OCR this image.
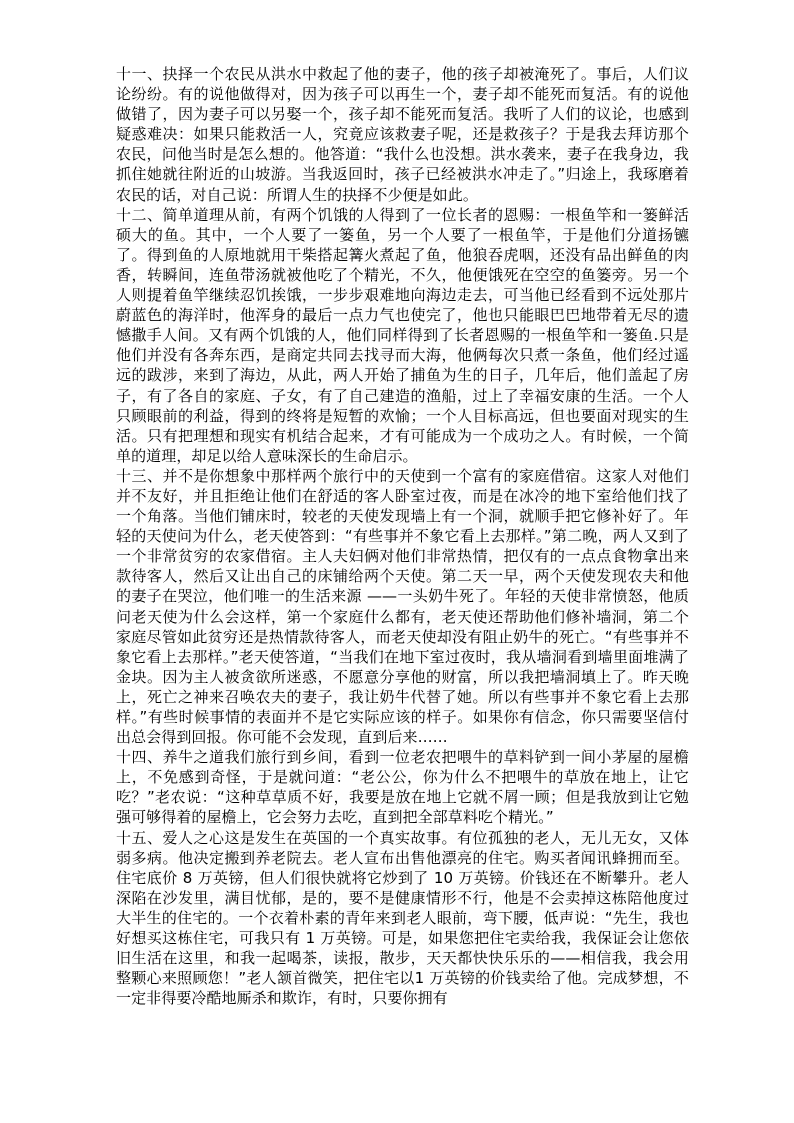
十一、抉择一个农民从洪水中救起了他的妻子，他的孩子却被淹死了。事后，人们议论纷纷。有的说他做得对，因为孩子可以再生一个，妻子却不能死而复活。有的说他做错了，因为妻子可以另娶一个，孩子却不能死而复活。我听了人们的议论，也感到疑惑难决：如果只能救活一人，究竟应该救妻子呢，还是救孩子？于是我去拜访那个农民，问他当时是怎么想的。他答道：“我什么也没想。洪水袭来，妻子在我身边，我抓住她就往附近的山坡游。当我返回时，孩子已经被洪水冲走了。”归途上，我琢磨着农民的话，对自己说：所谓人生的抉择不少便是如此。

十二、简单道理从前，有两个饥饿的人得到了一位长者的恩赐：一根鱼竿和一篓鲜活硕大的鱼。其中，一个人要了一篓鱼，另一个人要了一根鱼竿，于是他们分道扬镳了。得到鱼的人原地就用干柴搭起篝火煮起了鱼，他狼吞虎咽，还没有品出鲜鱼的肉香，转瞬间，连鱼带汤就被他吃了个精光，不久，他便饿死在空空的鱼篓旁。另一个人则提着鱼竿继续忍饥挨饿，一步步艰难地向海边走去，可当他已经看到不远处那片蔚蓝色的海洋时，他浑身的最后一点力气也使完了，他也只能眼巴巴地带着无尽的遗憾撒手人间。又有两个饥饿的人，他们同样得到了长者恩赐的一根鱼竿和一篓鱼.只是他们并没有各奔东西，是商定共同去找寻而大海，他俩每次只煮一条鱼，他们经过遥远的跋涉，来到了海边，从此，两人开始了捕鱼为生的日子，几年后，他们盖起了房子，有了各自的家庭、子女，有了自己建造的渔船，过上了幸福安康的生活。一个人只顾眼前的利益，得到的终将是短暂的欢愉；一个人目标高远，但也要面对现实的生活。只有把理想和现实有机结合起来，才有可能成为一个成功之人。有时候，一个简单的道理，却足以给人意味深长的生命启示。

十三、并不是你想象中那样两个旅行中的天使到一个富有的家庭借宿。这家人对他们并不友好，并且拒绝让他们在舒适的客人卧室过夜，而是在冰冷的地下室给他们找了一个角落。当他们铺床时，较老的天使发现墙上有一个洞，就顺手把它修补好了。年轻的天使问为什么，老天使答到：“有些事并不象它看上去那样。”第二晚，两人又到了一个非常贫穷的农家借宿。主人夫妇俩对他们非常热情，把仅有的一点点食物拿出来款待客人，然后又让出自己的床铺给两个天使。第二天一早，两个天使发现农夫和他的妻子在哭泣，他们唯一的生活来源 ——一头奶牛死了。年轻的天使非常愤怒，他质问老天使为什么会这样，第一个家庭什么都有，老天使还帮助他们修补墙洞，第二个家庭尽管如此贫穷还是热情款待客人，而老天使却没有阻止奶牛的死亡。“有些事并不象它看上去那样。”老天使答道，“当我们在地下室过夜时，我从墙洞看到墙里面堆满了金块。因为主人被贪欲所迷惑，不愿意分享他的财富，所以我把墙洞填上了。昨天晚上，死亡之神来召唤农夫的妻子，我让奶牛代替了她。所以有些事并不象它看上去那样。”有些时候事情的表面并不是它实际应该的样子。如果你有信念，你只需要坚信付出总会得到回报。你可能不会发现，直到后来……

十四、养牛之道我们旅行到乡间，看到一位老农把喂牛的草料铲到一间小茅屋的屋檐上，不免感到奇怪，于是就问道：“老公公，你为什么不把喂牛的草放在地上，让它吃？”老农说：“这种草草质不好，我要是放在地上它就不屑一顾；但是我放到让它勉强可够得着的屋檐上，它会努力去吃，直到把全部草料吃个精光。”

十五、爱人之心这是发生在英国的一个真实故事。有位孤独的老人，无儿无女，又体弱多病。他决定搬到养老院去。老人宣布出售他漂亮的住宅。购买者闻讯蜂拥而至。住宅底价 8 万英镑，但人们很快就将它炒到了 10 万英镑。价钱还在不断攀升。老人深陷在沙发里，满目忧郁，是的，要不是健康情形不行，他是不会卖掉这栋陪他度过大半生的住宅的。一个衣着朴素的青年来到老人眼前，弯下腰，低声说：“先生，我也好想买这栋住宅，可我只有 1 万英镑。可是，如果您把住宅卖给我，我保证会让您依旧生活在这里，和我一起喝茶，读报，散步，天天都快快乐乐的——相信我，我会用整颗心来照顾您！”老人颔首微笑，把住宅以1 万英镑的价钱卖给了他。完成梦想，不一定非得要冷酷地厮杀和欺诈，有时，只要你拥有
